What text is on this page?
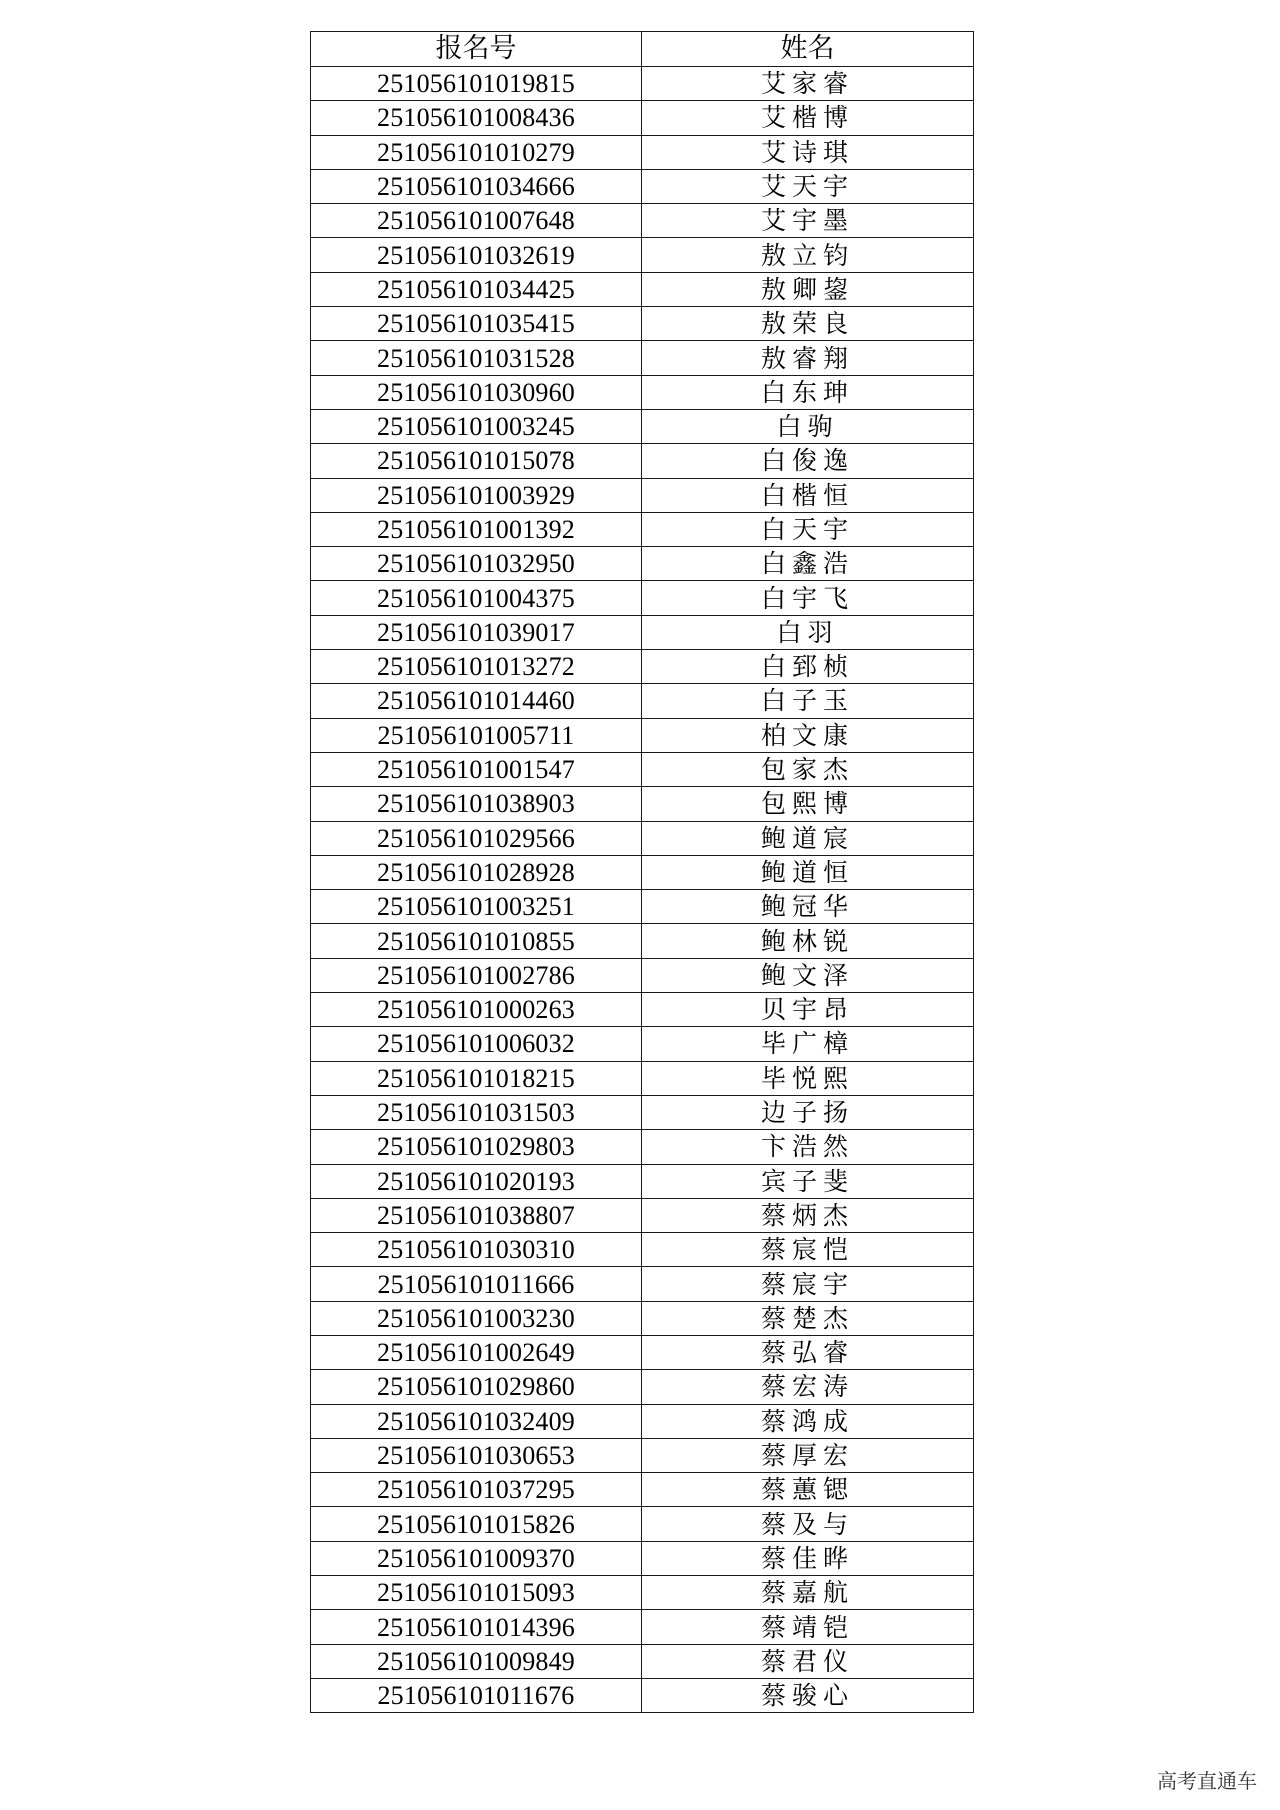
报名号	姓名
251056101019815	艾家睿
251056101008436	艾楷博
251056101010279	艾诗琪
251056101034666	艾天宇
251056101007648	艾宇墨
251056101032619	敖立钧
251056101034425	敖卿鋆
251056101035415	敖荣良
251056101031528	敖睿翔
251056101030960	白东珅
251056101003245	白驹
251056101015078	白俊逸
251056101003929	白楷恒
251056101001392	白天宇
251056101032950	白鑫浩
251056101004375	白宇飞
251056101039017	白羽
251056101013272	白郅桢
251056101014460	白子玉
251056101005711	柏文康
251056101001547	包家杰
251056101038903	包熙博
251056101029566	鲍道宸
251056101028928	鲍道恒
251056101003251	鲍冠华
251056101010855	鲍林锐
251056101002786	鲍文泽
251056101000263	贝宇昂
251056101006032	毕广樟
251056101018215	毕悦熙
251056101031503	边子扬
251056101029803	卞浩然
251056101020193	宾子斐
251056101038807	蔡炳杰
251056101030310	蔡宸恺
251056101011666	蔡宸宇
251056101003230	蔡楚杰
251056101002649	蔡弘睿
251056101029860	蔡宏涛
251056101032409	蔡鸿成
251056101030653	蔡厚宏
251056101037295	蔡蕙锶
251056101015826	蔡及与
251056101009370	蔡佳晔
251056101015093	蔡嘉航
251056101014396	蔡靖铠
251056101009849	蔡君仪
251056101011676	蔡骏心
高考直通车
